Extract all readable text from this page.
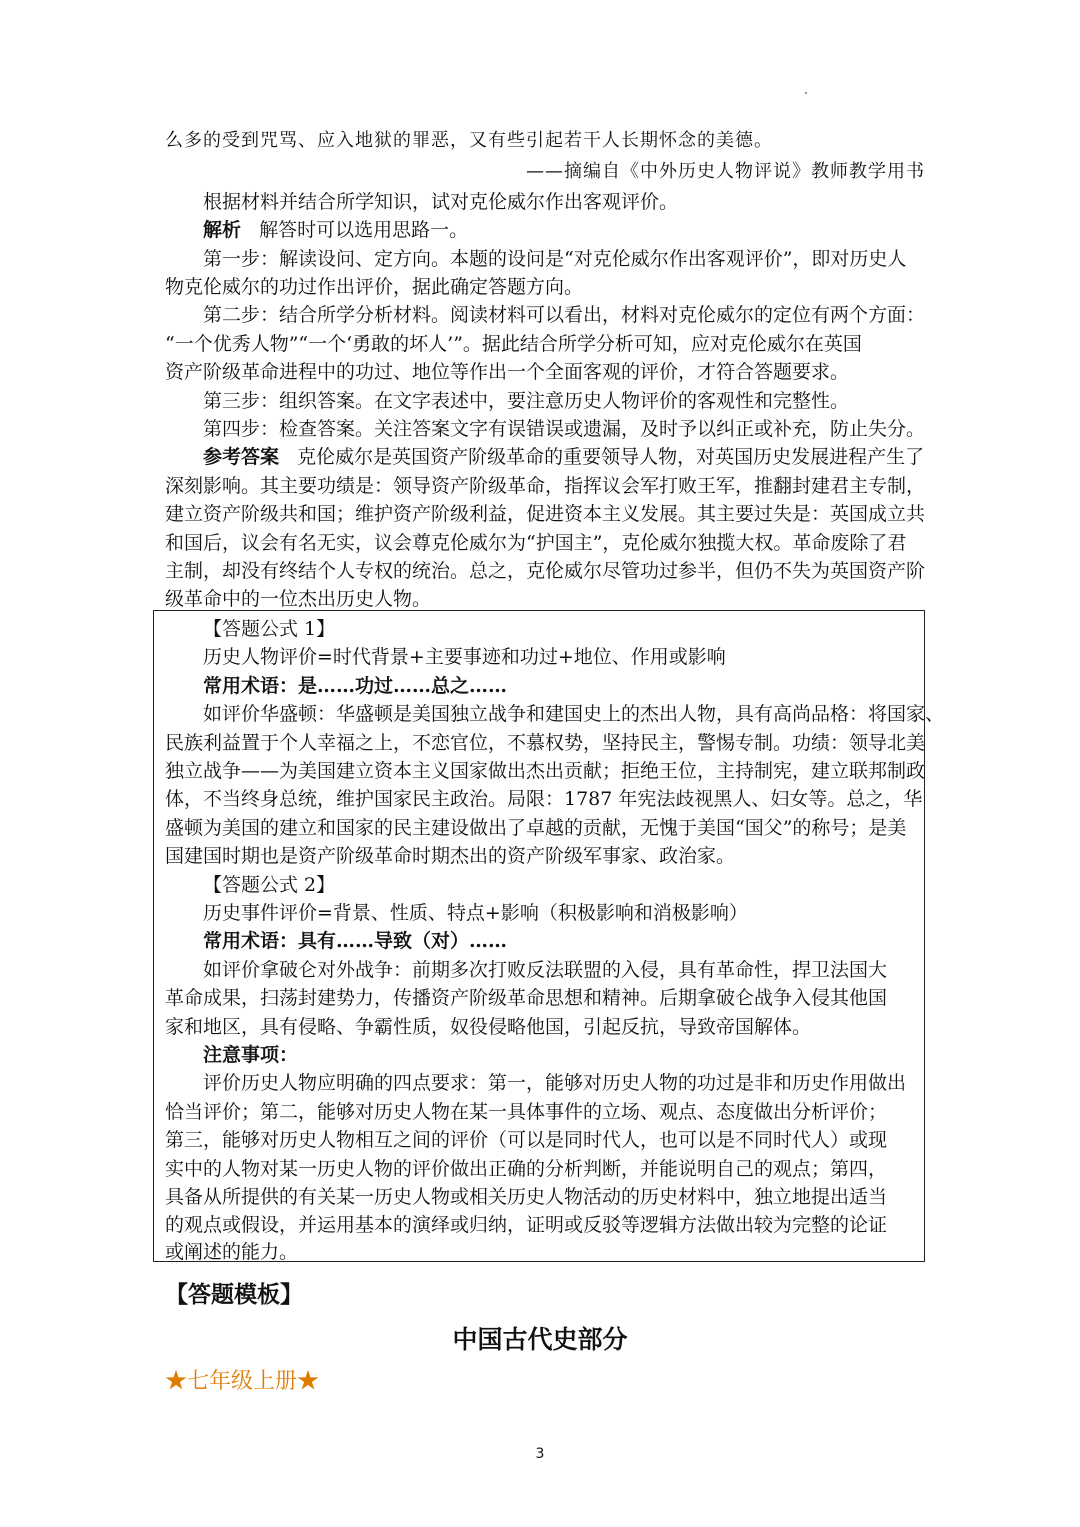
么多的受到咒骂、应入地狱的罪恶，又有些引起若干人长期怀念的美德。
——摘编自《中外历史人物评说》教师教学用书
根据材料并结合所学知识，试对克伦威尔作出客观评价。
解析 解答时可以选用思路一。
第一步：解读设问、定方向。本题的设问是“对克伦威尔作出客观评价”，即对历史人
物克伦威尔的功过作出评价，据此确定答题方向。
第二步：结合所学分析材料。阅读材料可以看出，材料对克伦威尔的定位有两个方面：
“一个优秀人物”“一个‘勇敢的坏人’”。据此结合所学分析可知，应对克伦威尔在英国
资产阶级革命进程中的功过、地位等作出一个全面客观的评价，才符合答题要求。
第三步：组织答案。在文字表述中，要注意历史人物评价的客观性和完整性。
第四步：检查答案。关注答案文字有误错误或遗漏，及时予以纠正或补充，防止失分。
参考答案 克伦威尔是英国资产阶级革命的重要领导人物，对英国历史发展进程产生了
深刻影响。其主要功绩是：领导资产阶级革命，指挥议会军打败王军，推翻封建君主专制，
建立资产阶级共和国；维护资产阶级利益，促进资本主义发展。其主要过失是：英国成立共
和国后，议会有名无实，议会尊克伦威尔为“护国主”，克伦威尔独揽大权。革命废除了君
主制，却没有终结个人专权的统治。总之，克伦威尔尽管功过参半，但仍不失为英国资产阶
级革命中的一位杰出历史人物。
【答题公式 1】
历史人物评价=时代背景+主要事迹和功过+地位、作用或影响
常用术语：是……功过……总之……
如评价华盛顿：华盛顿是美国独立战争和建国史上的杰出人物，具有高尚品格：将国家、
民族利益置于个人幸福之上，不恋官位，不慕权势，坚持民主，警惕专制。功绩：领导北美
独立战争——为美国建立资本主义国家做出杰出贡献；拒绝王位，主持制宪，建立联邦制政
体，不当终身总统，维护国家民主政治。局限：1787 年宪法歧视黑人、妇女等。总之，华
盛顿为美国的建立和国家的民主建设做出了卓越的贡献，无愧于美国“国父”的称号；是美
国建国时期也是资产阶级革命时期杰出的资产阶级军事家、政治家。
【答题公式 2】
历史事件评价=背景、性质、特点+影响（积极影响和消极影响）
常用术语：具有……导致（对）……
如评价拿破仑对外战争：前期多次打败反法联盟的入侵，具有革命性，捍卫法国大
革命成果，扫荡封建势力，传播资产阶级革命思想和精神。后期拿破仑战争入侵其他国
家和地区，具有侵略、争霸性质，奴役侵略他国，引起反抗，导致帝国解体。
注意事项：
评价历史人物应明确的四点要求：第一，能够对历史人物的功过是非和历史作用做出
恰当评价；第二，能够对历史人物在某一具体事件的立场、观点、态度做出分析评价；
第三，能够对历史人物相互之间的评价（可以是同时代人，也可以是不同时代人）或现
实中的人物对某一历史人物的评价做出正确的分析判断，并能说明自己的观点；第四，
具备从所提供的有关某一历史人物或相关历史人物活动的历史材料中，独立地提出适当
的观点或假设，并运用基本的演绎或归纳，证明或反驳等逻辑方法做出较为完整的论证
或阐述的能力。
【答题模板】
中国古代史部分
★七年级上册★
3
